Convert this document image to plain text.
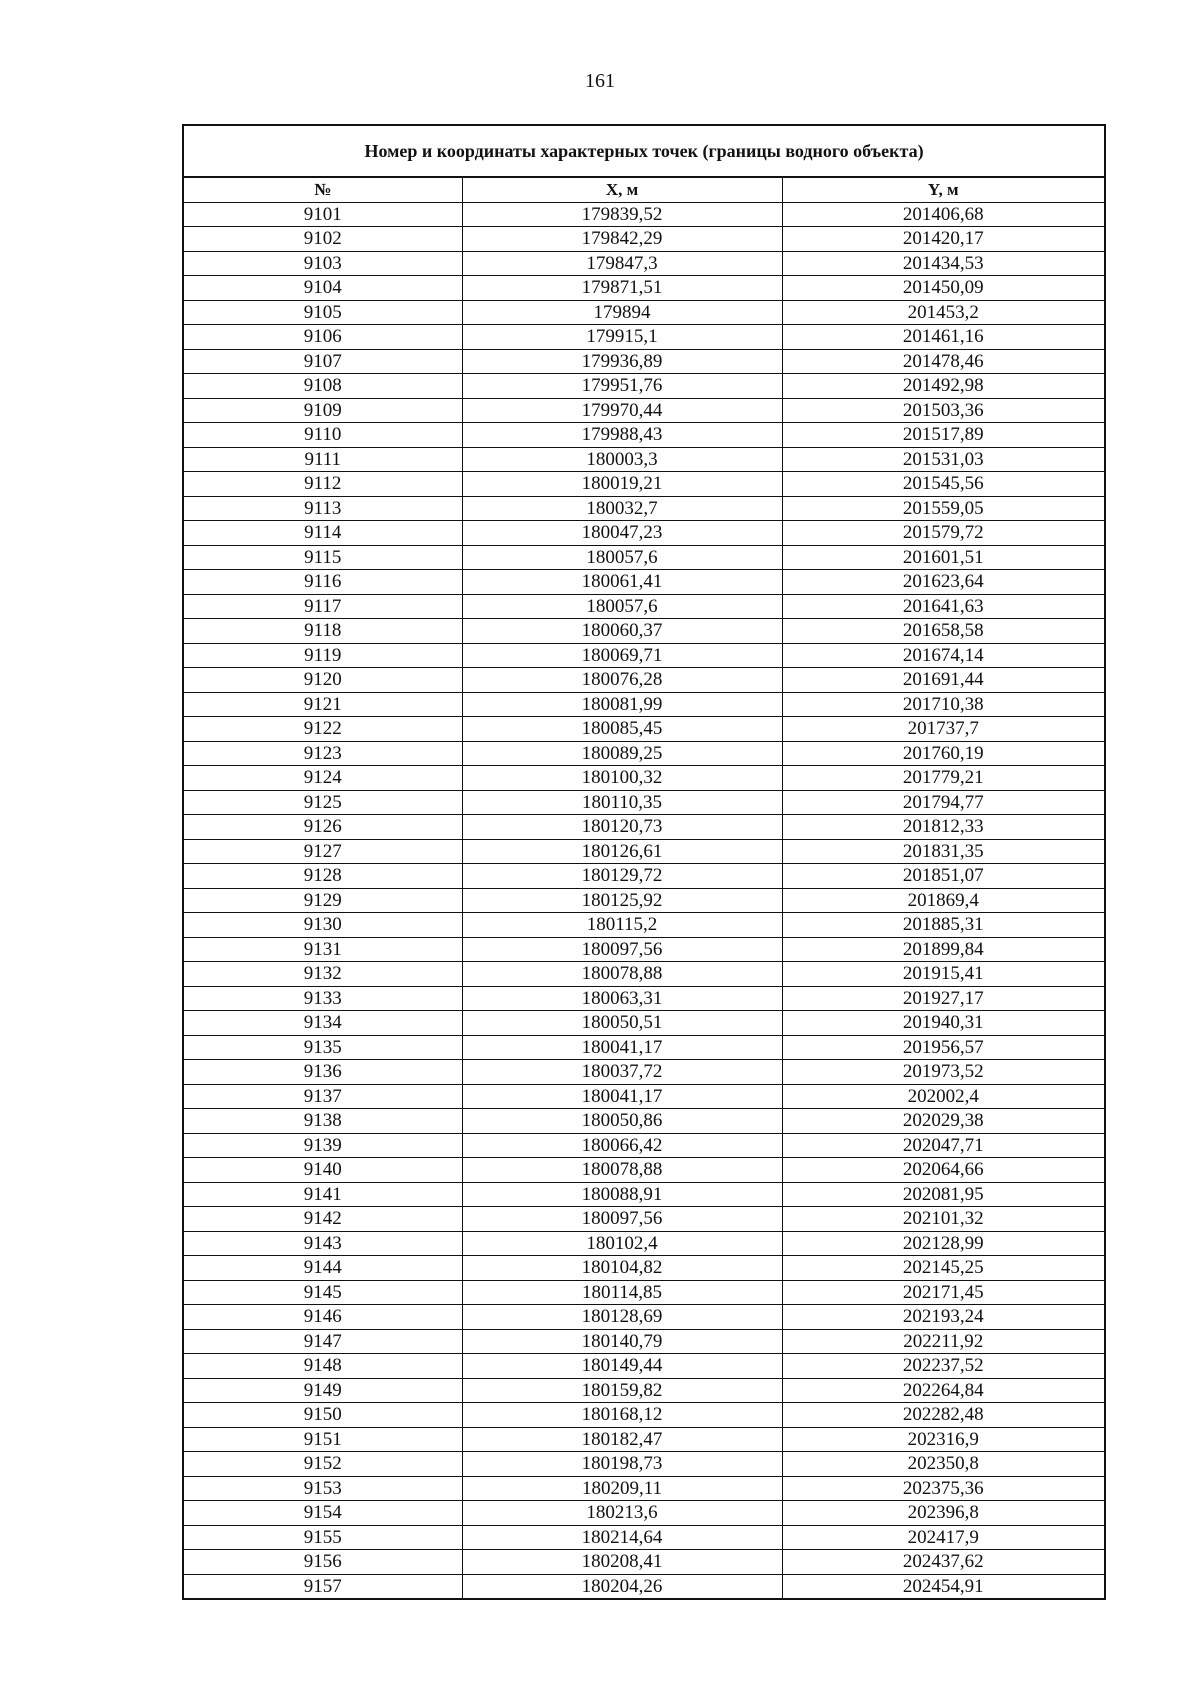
161
Номер и координаты характерных точек (границы водного объекта)
№	X, м	Y, м
9101	179839,52	201406,68
9102	179842,29	201420,17
9103	179847,3	201434,53
9104	179871,51	201450,09
9105	179894	201453,2
9106	179915,1	201461,16
9107	179936,89	201478,46
9108	179951,76	201492,98
9109	179970,44	201503,36
9110	179988,43	201517,89
9111	180003,3	201531,03
9112	180019,21	201545,56
9113	180032,7	201559,05
9114	180047,23	201579,72
9115	180057,6	201601,51
9116	180061,41	201623,64
9117	180057,6	201641,63
9118	180060,37	201658,58
9119	180069,71	201674,14
9120	180076,28	201691,44
9121	180081,99	201710,38
9122	180085,45	201737,7
9123	180089,25	201760,19
9124	180100,32	201779,21
9125	180110,35	201794,77
9126	180120,73	201812,33
9127	180126,61	201831,35
9128	180129,72	201851,07
9129	180125,92	201869,4
9130	180115,2	201885,31
9131	180097,56	201899,84
9132	180078,88	201915,41
9133	180063,31	201927,17
9134	180050,51	201940,31
9135	180041,17	201956,57
9136	180037,72	201973,52
9137	180041,17	202002,4
9138	180050,86	202029,38
9139	180066,42	202047,71
9140	180078,88	202064,66
9141	180088,91	202081,95
9142	180097,56	202101,32
9143	180102,4	202128,99
9144	180104,82	202145,25
9145	180114,85	202171,45
9146	180128,69	202193,24
9147	180140,79	202211,92
9148	180149,44	202237,52
9149	180159,82	202264,84
9150	180168,12	202282,48
9151	180182,47	202316,9
9152	180198,73	202350,8
9153	180209,11	202375,36
9154	180213,6	202396,8
9155	180214,64	202417,9
9156	180208,41	202437,62
9157	180204,26	202454,91
